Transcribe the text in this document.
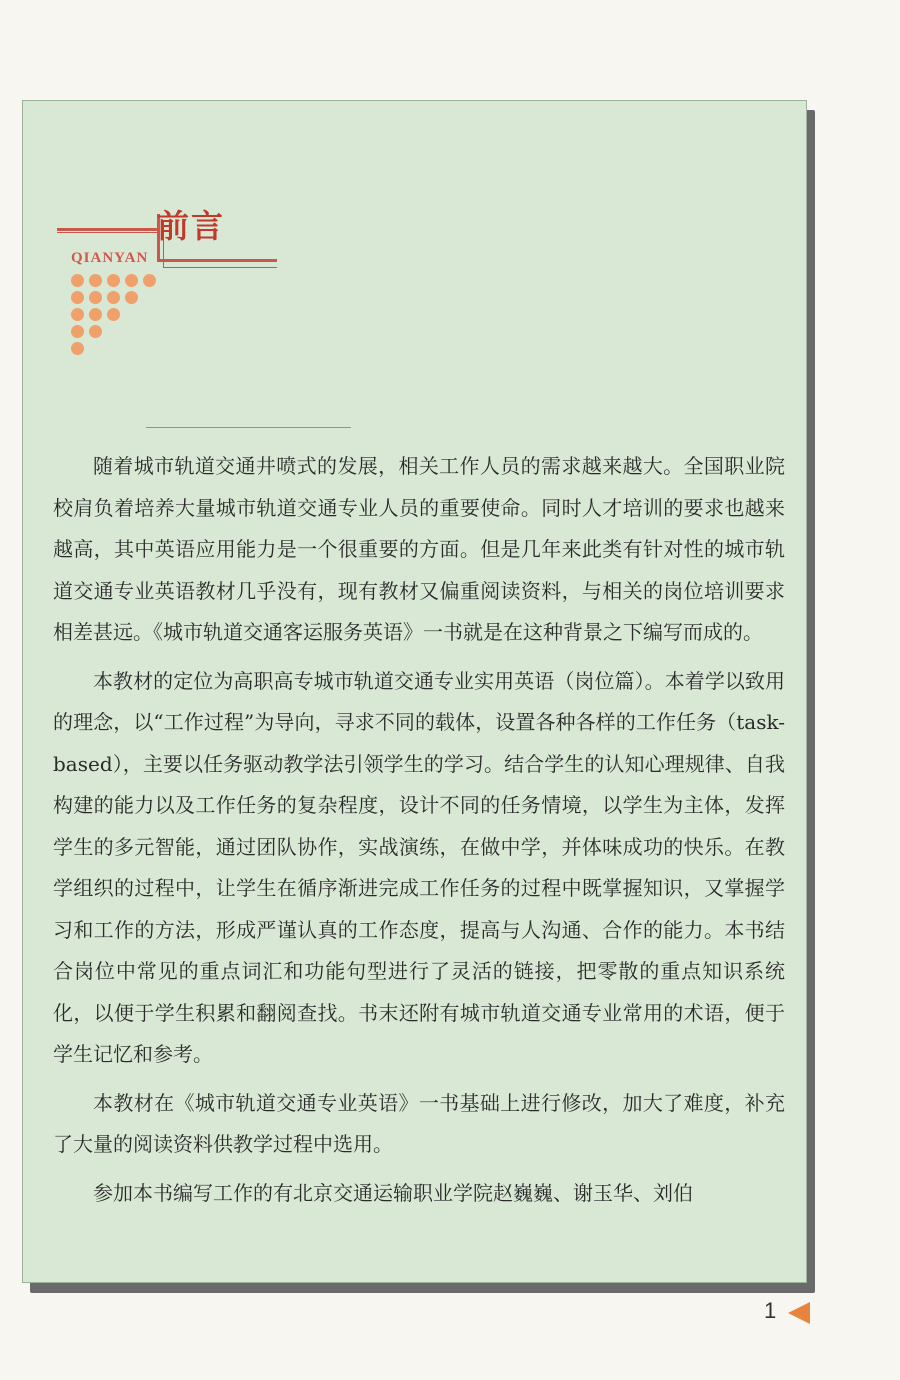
前言
QIANYAN

随着城市轨道交通井喷式的发展，相关工作人员的需求越来越大。全国职业院校肩负着培养大量城市轨道交通专业人员的重要使命。同时人才培训的要求也越来越高，其中英语应用能力是一个很重要的方面。但是几年来此类有针对性的城市轨道交通专业英语教材几乎没有，现有教材又偏重阅读资料，与相关的岗位培训要求相差甚远。《城市轨道交通客运服务英语》一书就是在这种背景之下编写而成的。

本教材的定位为高职高专城市轨道交通专业实用英语（岗位篇）。本着学以致用的理念，以“工作过程”为导向，寻求不同的载体，设置各种各样的工作任务（task-based），主要以任务驱动教学法引领学生的学习。结合学生的认知心理规律、自我构建的能力以及工作任务的复杂程度，设计不同的任务情境，以学生为主体，发挥学生的多元智能，通过团队协作，实战演练，在做中学，并体味成功的快乐。在教学组织的过程中，让学生在循序渐进完成工作任务的过程中既掌握知识，又掌握学习和工作的方法，形成严谨认真的工作态度，提高与人沟通、合作的能力。本书结合岗位中常见的重点词汇和功能句型进行了灵活的链接，把零散的重点知识系统化，以便于学生积累和翻阅查找。书末还附有城市轨道交通专业常用的术语，便于学生记忆和参考。

本教材在《城市轨道交通专业英语》一书基础上进行修改，加大了难度，补充了大量的阅读资料供教学过程中选用。

参加本书编写工作的有北京交通运输职业学院赵巍巍、谢玉华、刘伯

1
